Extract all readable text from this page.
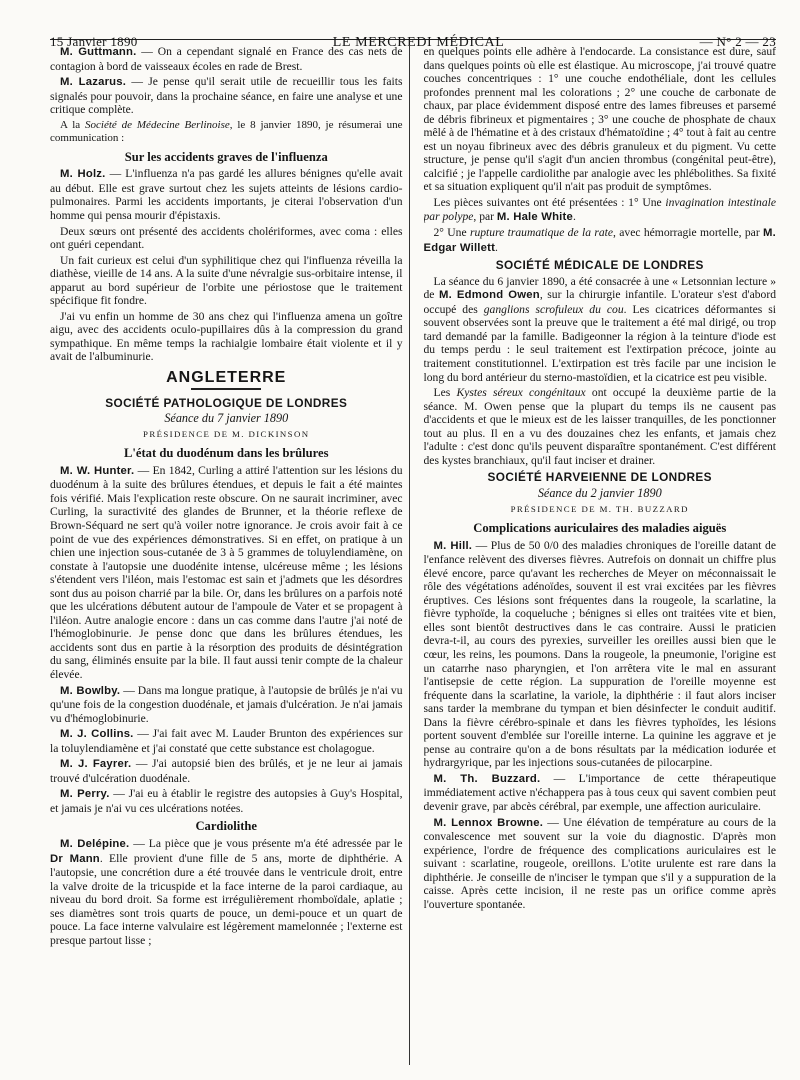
15 Janvier 1890	LE MERCREDI MÉDICAL	— N° 2 — 23

M. Guttmann. — On a cependant signalé en France des cas nets de contagion à bord de vaisseaux écoles en rade de Brest.

M. Lazarus. — Je pense qu'il serait utile de recueillir tous les faits signalés pour pouvoir, dans la prochaine séance, en faire une analyse et une critique complète.

A la Société de Médecine Berlinoise, le 8 janvier 1890, je résumerai une communication :

Sur les accidents graves de l'influenza

M. Holz. — L'influenza n'a pas gardé les allures bénignes qu'elle avait au début. Elle est grave surtout chez les sujets atteints de lésions cardio-pulmonaires. Parmi les accidents importants, je citerai l'observation d'un homme qui pensa mourir d'épistaxis.

Deux sœurs ont présenté des accidents cholériformes, avec coma : elles ont guéri cependant.

Un fait curieux est celui d'un syphilitique chez qui l'influenza réveilla la diathèse, vieille de 14 ans. A la suite d'une névralgie sus-orbitaire intense, il apparut au bord supérieur de l'orbite une périostose que le traitement spécifique fit fondre.

J'ai vu enfin un homme de 30 ans chez qui l'influenza amena un goître aigu, avec des accidents oculo-pupillaires dûs à la compression du grand sympathique. En même temps la rachialgie lombaire était violente et il y avait de l'albuminurie.

ANGLETERRE
SOCIÉTÉ PATHOLOGIQUE DE LONDRES
Séance du 7 janvier 1890
PRÉSIDENCE DE M. DICKINSON
L'état du duodénum dans les brûlures

M. W. Hunter. — En 1842, Curling a attiré l'attention sur les lésions du duodénum à la suite des brûlures étendues, et depuis le fait a été maintes fois vérifié. Mais l'explication reste obscure. On ne saurait incriminer, avec Curling, la suractivité des glandes de Brunner, et la théorie reflexe de Brown-Séquard ne sert qu'à voiler notre ignorance. Je crois avoir fait à ce point de vue des expériences démonstratives. Si en effet, on pratique à un chien une injection sous-cutanée de 3 à 5 grammes de toluylendiamène, on constate à l'autopsie une duodénite intense, ulcéreuse même ; les lésions s'étendent vers l'iléon, mais l'estomac est sain et j'admets que les désordres sont dus au poison charrié par la bile. Or, dans les brûlures on a parfois noté que les ulcérations débutent autour de l'ampoule de Vater et se propagent à l'iléon. Autre analogie encore : dans un cas comme dans l'autre j'ai noté de l'hémoglobinurie. Je pense donc que dans les brûlures étendues, les accidents sont dus en partie à la résorption des produits de désintégration du sang, éliminés ensuite par la bile. Il faut aussi tenir compte de la chaleur élevée.

M. Bowlby. — Dans ma longue pratique, à l'autopsie de brûlés je n'ai vu qu'une fois de la congestion duodénale, et jamais d'ulcération. Je n'ai jamais vu d'hémoglobinurie.

M. J. Collins. — J'ai fait avec M. Lauder Brunton des expériences sur la toluylendiamène et j'ai constaté que cette substance est cholagogue.

M. J. Fayrer. — J'ai autopsié bien des brûlés, et je ne leur ai jamais trouvé d'ulcération duodénale.

M. Perry. — J'ai eu à établir le registre des autopsies à Guy's Hospital, et jamais je n'ai vu ces ulcérations notées.

Cardiolithe

M. Delépine. — La pièce que je vous présente m'a été adressée par le Dr Mann. Elle provient d'une fille de 5 ans, morte de diphthérie. A l'autopsie, une concrétion dure a été trouvée dans le ventricule droit, entre la valve droite de la tricuspide et la face interne de la paroi cardiaque, au niveau du bord droit. Sa forme est irrégulièrement rhomboïdale, aplatie ; ses diamètres sont trois quarts de pouce, un demi-pouce et un quart de pouce. La face interne valvulaire est légèrement mamelonnée ; l'externe est presque partout lisse ;

en quelques points elle adhère à l'endocarde. La consistance est dure, sauf dans quelques points où elle est élastique. Au microscope, j'ai trouvé quatre couches concentriques : 1° une couche endothéliale, dont les cellules profondes prennent mal les colorations ; 2° une couche de carbonate de chaux, par place évidemment disposé entre des lames fibreuses et parsemé de débris fibrineux et pigmentaires ; 3° une couche de phosphate de chaux mêlé à de l'hématine et à des cristaux d'hématoïdine ; 4° tout à fait au centre est un noyau fibrineux avec des débris granuleux et du pigment. Vu cette structure, je pense qu'il s'agit d'un ancien thrombus (congénital peut-être), calcifié ; je l'appelle cardiolithe par analogie avec les phlébolithes. Sa fixité et sa situation expliquent qu'il n'ait pas produit de symptômes.

Les pièces suivantes ont été présentées : 1° Une invagination intestinale par polype, par M. Hale White.

2° Une rupture traumatique de la rate, avec hémorragie mortelle, par M. Edgar Willett.

SOCIÉTÉ MÉDICALE DE LONDRES

La séance du 6 janvier 1890, a été consacrée à une « Letsonnian lecture » de M. Edmond Owen, sur la chirurgie infantile. L'orateur s'est d'abord occupé des ganglions scrofuleux du cou. Les cicatrices déformantes si souvent observées sont la preuve que le traitement a été mal dirigé, ou trop tard demandé par la famille. Badigeonner la région à la teinture d'iode est du temps perdu : le seul traitement est l'extirpation précoce, jointe au traitement constitutionnel. L'extirpation est très facile par une incision le long du bord antérieur du sterno-mastoïdien, et la cicatrice est peu visible.

Les Kystes séreux congénitaux ont occupé la deuxième partie de la séance. M. Owen pense que la plupart du temps ils ne causent pas d'accidents et que le mieux est de les laisser tranquilles, de les ponctionner tout au plus. Il en a vu des douzaines chez les enfants, et jamais chez l'adulte : c'est donc qu'ils peuvent disparaître spontanément. C'est différent des kystes branchiaux, qu'il faut inciser et drainer.

SOCIÉTÉ HARVEIENNE DE LONDRES
Séance du 2 janvier 1890
PRÉSIDENCE DE M. TH. BUZZARD
Complications auriculaires des maladies aiguës

M. Hill. — Plus de 50 0/0 des maladies chroniques de l'oreille datant de l'enfance relèvent des diverses fièvres. Autrefois on donnait un chiffre plus élevé encore, parce qu'avant les recherches de Meyer on méconnaissait le rôle des végétations adénoïdes, souvent il est vrai excitées par les fièvres éruptives. Ces lésions sont fréquentes dans la rougeole, la scarlatine, la fièvre typhoïde, la coqueluche ; bénignes si elles ont traitées vite et bien, elles sont bientôt destructives dans le cas contraire. Aussi le praticien devra-t-il, au cours des pyrexies, surveiller les oreilles aussi bien que le cœur, les reins, les poumons. Dans la rougeole, la pneumonie, l'origine est un catarrhe naso pharyngien, et l'on arrêtera vite le mal en assurant l'antisepsie de cette région. La suppuration de l'oreille moyenne est fréquente dans la scarlatine, la variole, la diphthérie : il faut alors inciser sans tarder la membrane du tympan et bien désinfecter le conduit auditif. Dans la fièvre cérébro-spinale et dans les fièvres typhoïdes, les lésions portent souvent d'emblée sur l'oreille interne. La quinine les aggrave et je pense au contraire qu'on a de bons résultats par la médication iodurée et hydrargyrique, par les injections sous-cutanées de pilocarpine.

M. Th. Buzzard. — L'importance de cette thérapeutique immédiatement active n'échappera pas à tous ceux qui savent combien peut devenir grave, par abcès cérébral, par exemple, une affection auriculaire.

M. Lennox Browne. — Une élévation de température au cours de la convalescence met souvent sur la voie du diagnostic. D'après mon expérience, l'ordre de fréquence des complications auriculaires est le suivant : scarlatine, rougeole, oreillons. L'otite urulente est rare dans la diphthérie. Je conseille de n'inciser le tympan que s'il y a suppuration de la caisse. Après cette incision, il ne reste pas un orifice comme après l'ouverture spontanée.
